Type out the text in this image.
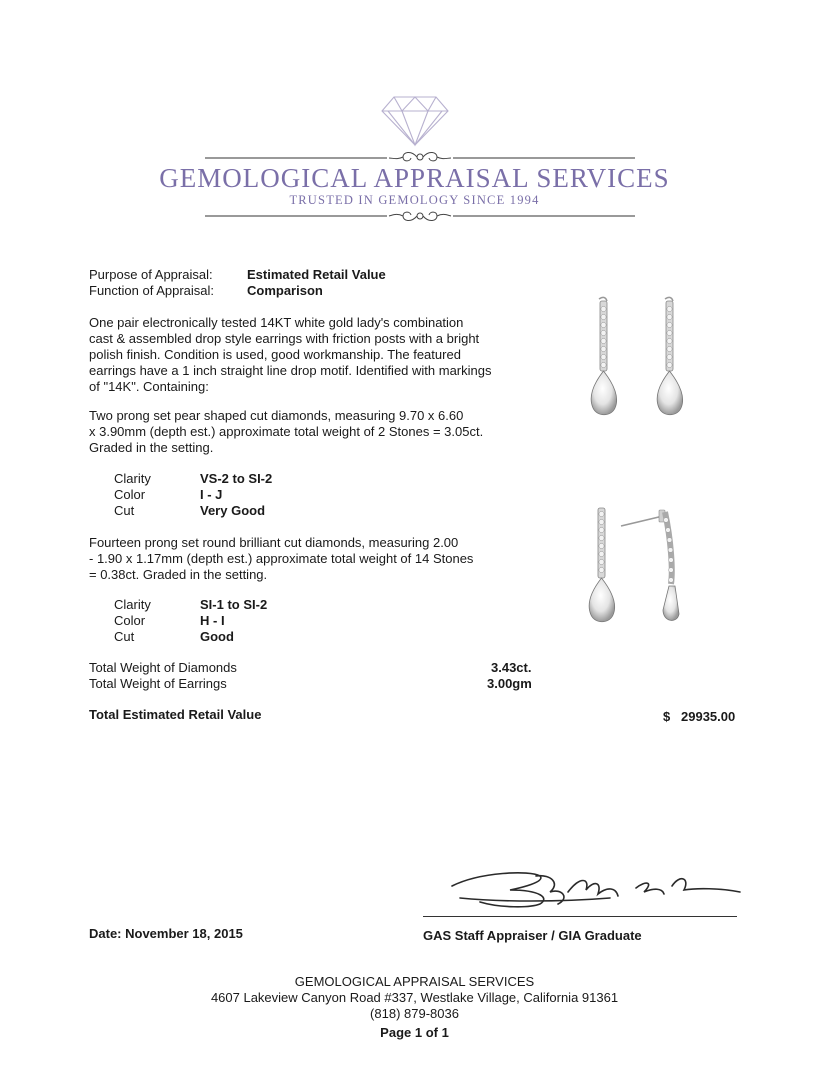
GEMOLOGICAL APPRAISAL SERVICES
TRUSTED IN GEMOLOGY SINCE 1994
Purpose of Appraisal:	Estimated Retail Value
Function of Appraisal:	Comparison
One pair electronically tested 14KT white gold lady's combination
cast & assembled drop style earrings with friction posts with a bright
polish finish. Condition is used, good workmanship. The featured
earrings have a 1 inch straight line drop motif. Identified with markings
of "14K". Containing:
Two prong set pear shaped cut diamonds, measuring 9.70 x 6.60
x 3.90mm (depth est.) approximate total weight of 2 Stones = 3.05ct.
Graded in the setting.
Clarity	VS-2 to SI-2
Color	I - J
Cut	Very Good
Fourteen prong set round brilliant cut diamonds, measuring 2.00
- 1.90 x 1.17mm (depth est.) approximate total weight of 14 Stones
= 0.38ct. Graded in the setting.
Clarity	SI-1 to SI-2
Color	H - I
Cut	Good
Total Weight of Diamonds	3.43ct.
Total Weight of Earrings	3.00gm
Total Estimated Retail Value	$ 29935.00
Date: November 18, 2015	GAS Staff Appraiser / GIA Graduate
GEMOLOGICAL APPRAISAL SERVICES
4607 Lakeview Canyon Road #337, Westlake Village, California 91361
(818) 879-8036
Page 1 of 1
